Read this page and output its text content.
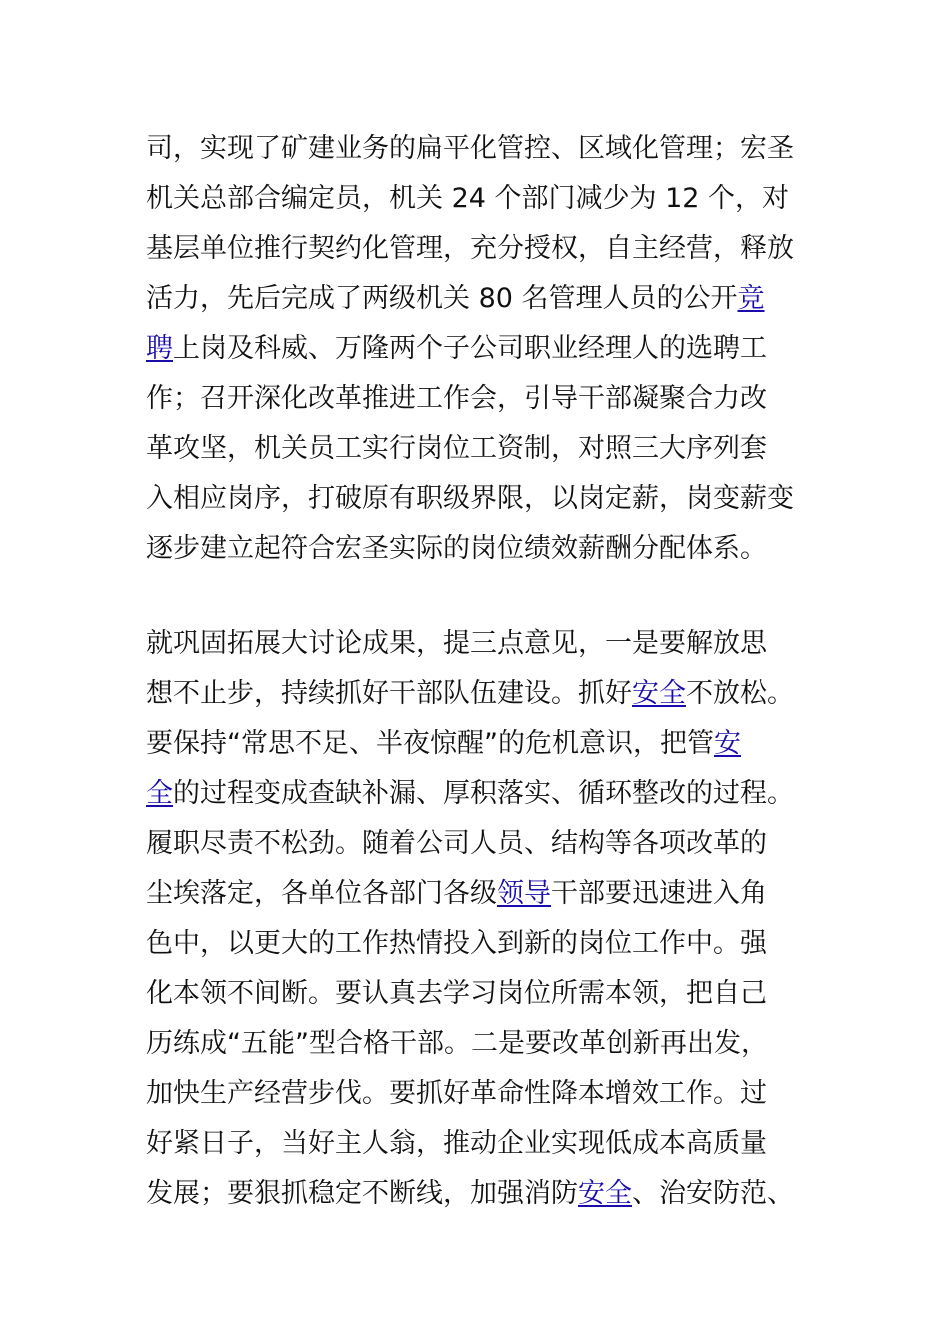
司，实现了矿建业务的扁平化管控、区域化管理；宏圣
机关总部合编定员，机关 24 个部门减少为 12 个，对
基层单位推行契约化管理，充分授权，自主经营，释放
活力，先后完成了两级机关 80 名管理人员的公开竞
聘上岗及科威、万隆两个子公司职业经理人的选聘工
作；召开深化改革推进工作会，引导干部凝聚合力改
革攻坚，机关员工实行岗位工资制，对照三大序列套
入相应岗序，打破原有职级界限，以岗定薪，岗变薪变
逐步建立起符合宏圣实际的岗位绩效薪酬分配体系。
就巩固拓展大讨论成果，提三点意见，一是要解放思
想不止步，持续抓好干部队伍建设。抓好安全不放松。
要保持“常思不足、半夜惊醒”的危机意识，把管安
全的过程变成查缺补漏、厚积落实、循环整改的过程。
履职尽责不松劲。随着公司人员、结构等各项改革的
尘埃落定，各单位各部门各级领导干部要迅速进入角
色中，以更大的工作热情投入到新的岗位工作中。强
化本领不间断。要认真去学习岗位所需本领，把自己
历练成“五能”型合格干部。二是要改革创新再出发，
加快生产经营步伐。要抓好革命性降本增效工作。过
好紧日子，当好主人翁，推动企业实现低成本高质量
发展；要狠抓稳定不断线，加强消防安全、治安防范、
